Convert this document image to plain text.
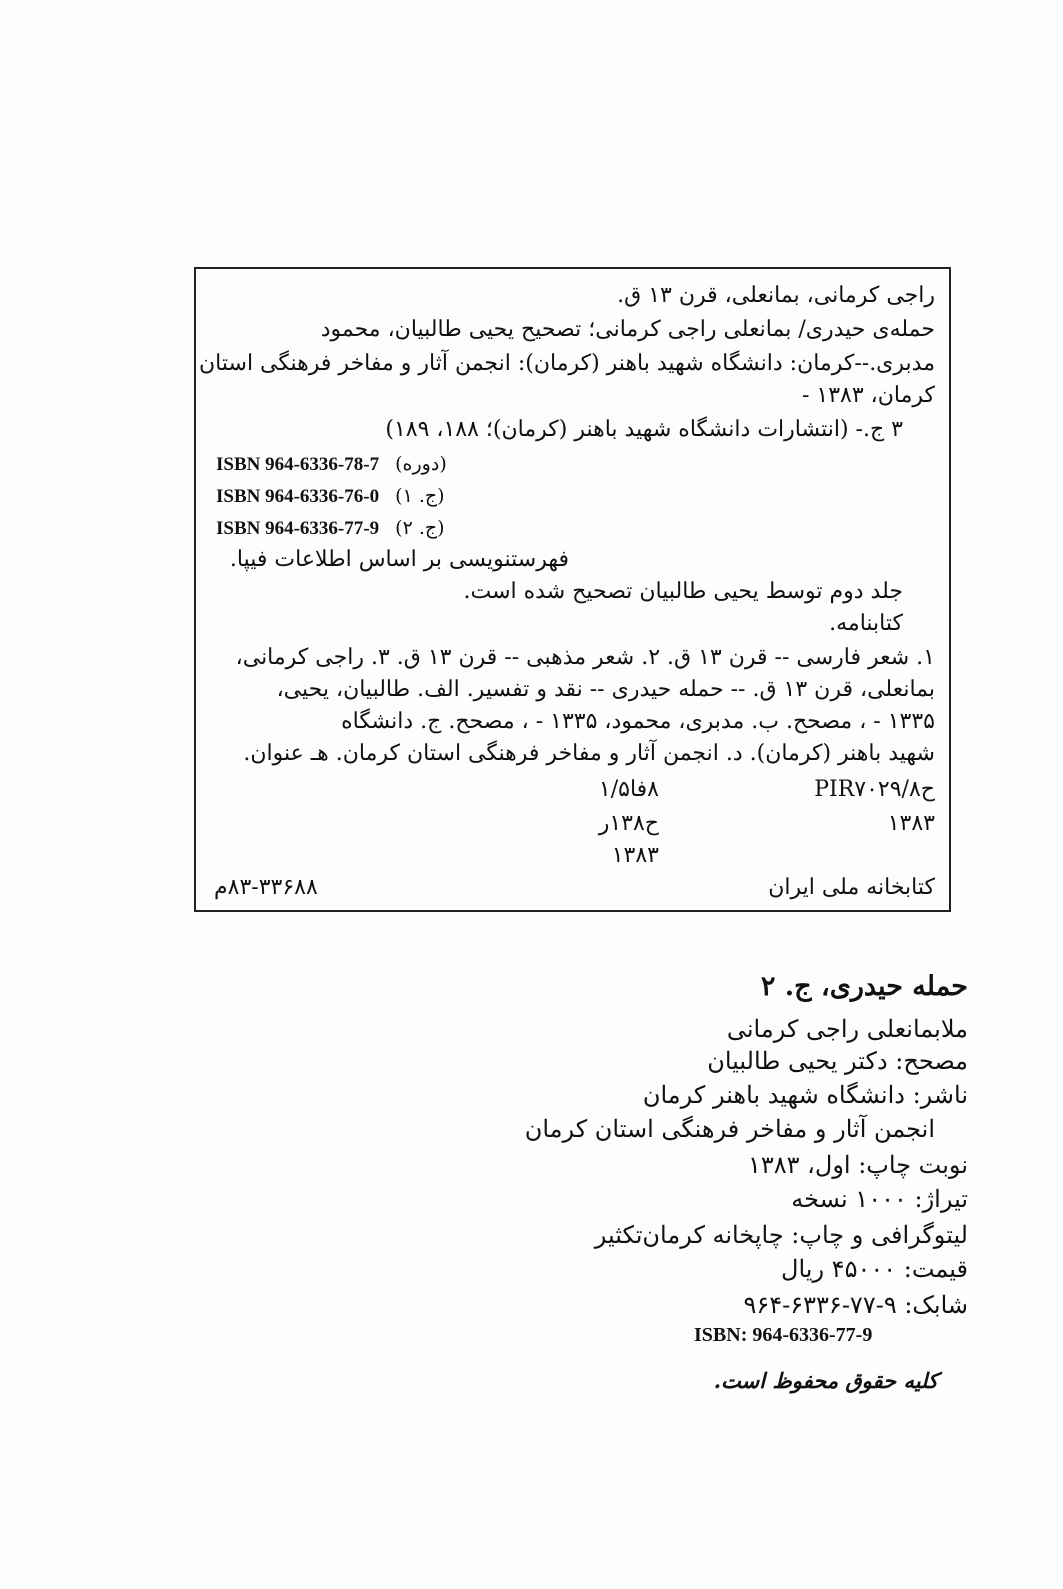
راجی کرمانی، بمانعلی، قرن ۱۳ ق.
حمله‌ی حیدری/ بمانعلی راجی کرمانی؛ تصحیح یحیی طالبیان، محمود
مدبری.--کرمان: دانشگاه شهید باهنر (کرمان): انجمن آثار و مفاخر فرهنگی استان
کرمان، ۱۳۸۳ -
۳ ج.- (انتشارات دانشگاه شهید باهنر (کرمان)؛ ۱۸۸، ۱۸۹)
ISBN 964-6336-78-7 (دوره)
ISBN 964-6336-76-0 (ج. ۱)
ISBN 964-6336-77-9 (ج. ۲)
فهرستنویسی بر اساس اطلاعات فیپا.
جلد دوم توسط یحیی طالبیان تصحیح شده است.
کتابنامه.
۱. شعر فارسی -- قرن ۱۳ ق. ۲. شعر مذهبی -- قرن ۱۳ ق. ۳. راجی کرمانی،
بمانعلی، قرن ۱۳ ق. -- حمله حیدری -- نقد و تفسیر. الف. طالبیان، یحیی،
۱۳۳۵ - ، مصحح. ب. مدبری، محمود، ۱۳۳۵ - ، مصحح. ج. دانشگاه
شهید باهنر (کرمان). د. انجمن آثار و مفاخر فرهنگی استان کرمان. هـ عنوان.
PIR۷۰۲۹/ح۸
۸فا۱/۵
۱۳۸۳
ح۱۳۸ر
۱۳۸۳
کتابخانه ملی ایران
۸۳-۳۳۶۸۸م
حمله حیدری، ج. ۲
ملابمانعلی راجی کرمانی
مصحح: دکتر یحیی طالبیان
ناشر: دانشگاه شهید باهنر کرمان
انجمن آثار و مفاخر فرهنگی استان کرمان
نوبت چاپ: اول، ۱۳۸۳
تیراژ: ۱۰۰۰ نسخه
لیتوگرافی و چاپ: چاپخانه کرمان‌تکثیر
قیمت: ۴۵۰۰۰ ریال
شابک: ۹-۷۷-۶۳۳۶-۹۶۴
ISBN: 964-6336-77-9
کلیه حقوق محفوظ است.
